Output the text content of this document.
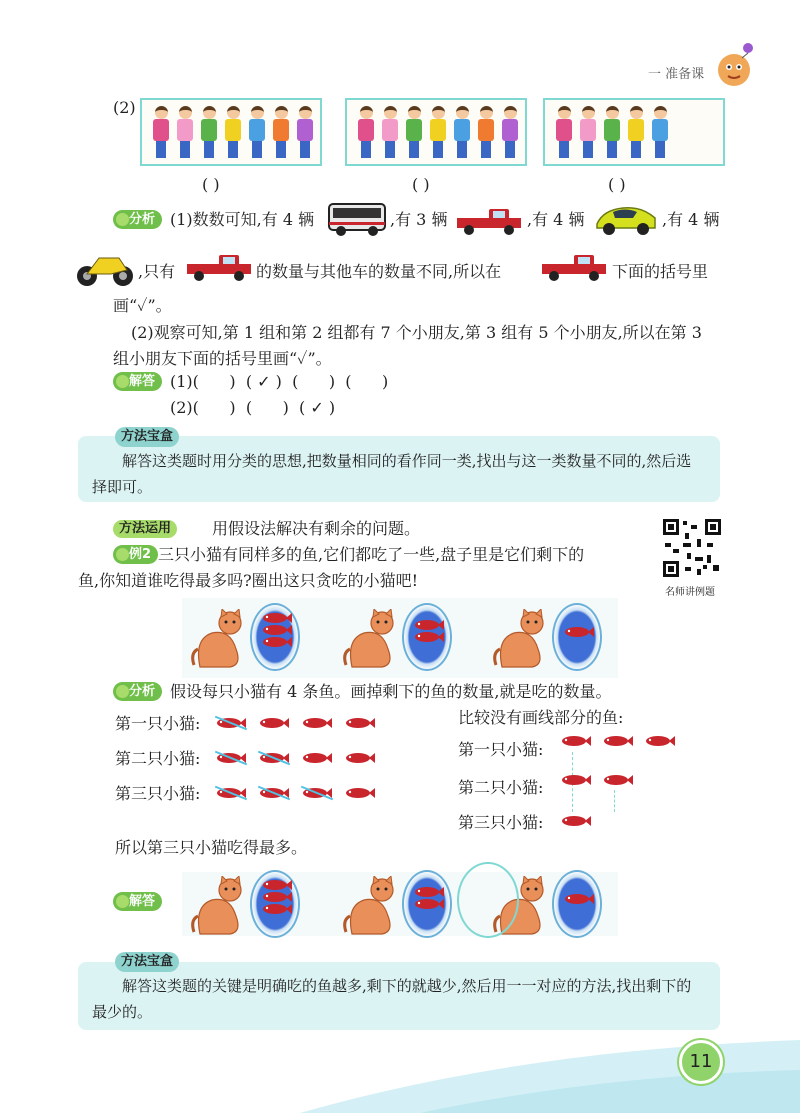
一 准备课
(2)
( )	( )	( )
分析 (1)数数可知,有 4 辆	,有 3 辆	,有 4 辆	,有 4 辆
,只有	的数量与其他车的数量不同,所以在	下面的括号里
画“✓”。
(2)观察可知,第 1 组和第 2 组都有 7 个小朋友,第 3 组有 5 个小朋友,所以在第 3
组小朋友下面的括号里画“✓”。
解答 (1)(      )  ( ✓ )  (      )  (      )
(2)(      )  (      )  ( ✓ )

解答这类题时用分类的思想,把数量相同的看作同一类,找出与这一类数量不同的,然后选择即可。

方法宝盒
方法运用	用假设法解决有剩余的问题。
例2 三只小猫有同样多的鱼,它们都吃了一些,盘子里是它们剩下的
鱼,你知道谁吃得最多吗?圈出这只贪吃的小猫吧!
名师讲例题
分析 假设每只小猫有 4 条鱼。画掉剩下的鱼的数量,就是吃的数量。
第一只小猫:
第二只小猫:
第三只小猫:
比较没有画线部分的鱼:
第一只小猫:
第二只小猫:
第三只小猫:
所以第三只小猫吃得最多。
解答

解答这类题的关键是明确吃的鱼越多,剩下的就越少,然后用一一对应的方法,找出剩下的最少的。

方法宝盒
11
